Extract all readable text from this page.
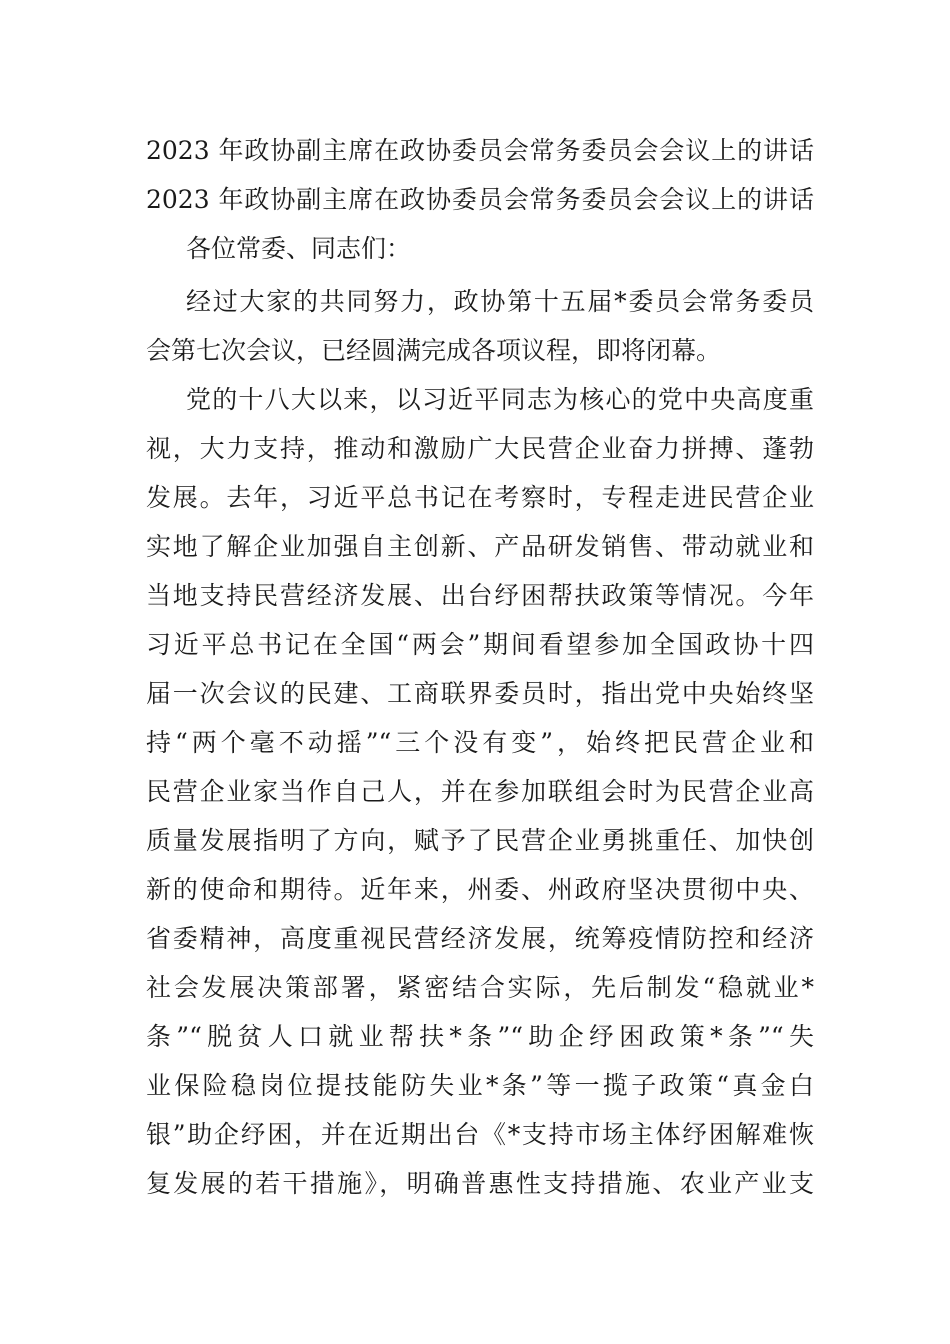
2023 年政协副主席在政协委员会常务委员会会议上的讲话
2023 年政协副主席在政协委员会常务委员会会议上的讲话
各位常委、同志们：
经过大家的共同努力，政协第十五届*委员会常务委员
会第七次会议，已经圆满完成各项议程，即将闭幕。
党的十八大以来，以习近平同志为核心的党中央高度重
视，大力支持，推动和激励广大民营企业奋力拼搏、蓬勃
发展。去年，习近平总书记在考察时，专程走进民营企业
实地了解企业加强自主创新、产品研发销售、带动就业和
当地支持民营经济发展、出台纾困帮扶政策等情况。今年
习近平总书记在全国“两会”期间看望参加全国政协十四
届一次会议的民建、工商联界委员时，指出党中央始终坚
持“两个毫不动摇”“三个没有变”，始终把民营企业和
民营企业家当作自己人，并在参加联组会时为民营企业高
质量发展指明了方向，赋予了民营企业勇挑重任、加快创
新的使命和期待。近年来，州委、州政府坚决贯彻中央、
省委精神，高度重视民营经济发展，统筹疫情防控和经济
社会发展决策部署，紧密结合实际，先后制发“稳就业*
条”“脱贫人口就业帮扶*条”“助企纾困政策*条”“失
业保险稳岗位提技能防失业*条”等一揽子政策“真金白
银”助企纾困，并在近期出台《*支持市场主体纾困解难恢
复发展的若干措施》，明确普惠性支持措施、农业产业支
